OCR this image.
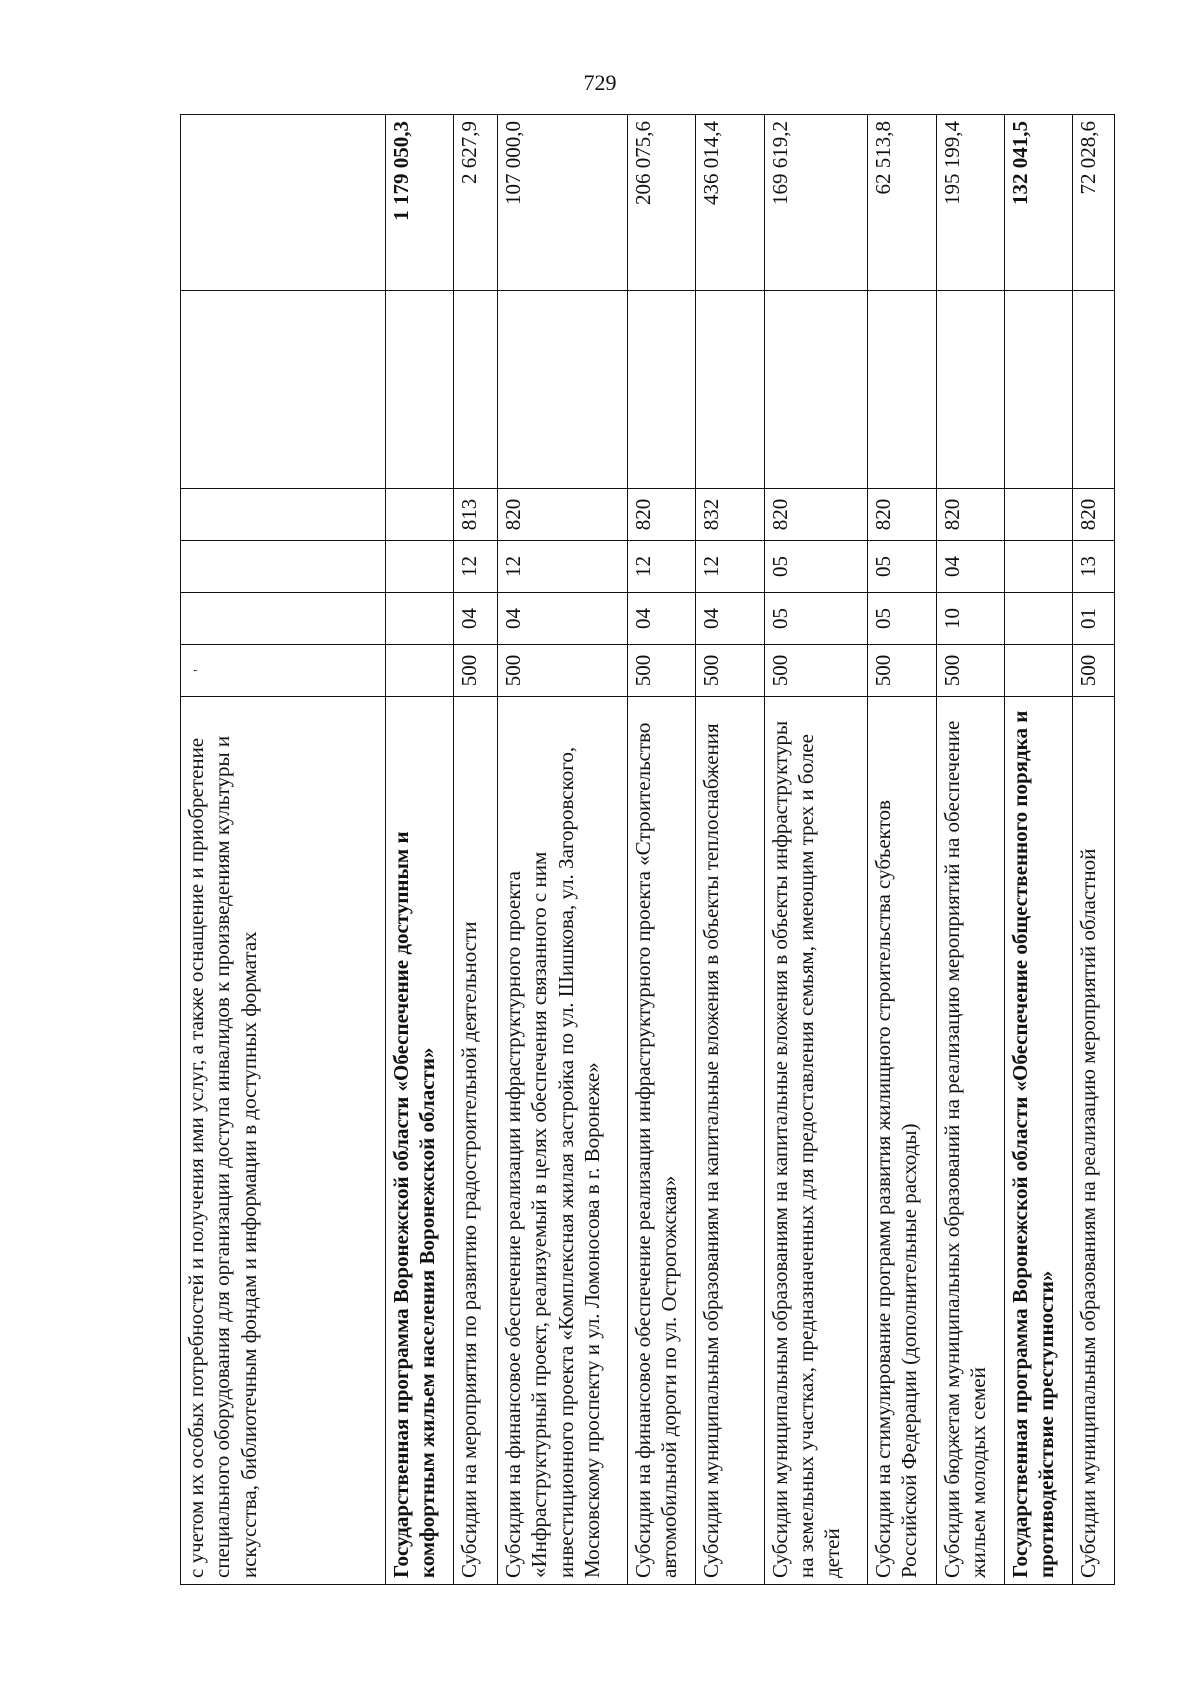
729
с учетом их особых потребностей и получения ими услуг, а также оснащение и приобретение специального оборудования для организации доступа инвалидов к произведениям культуры и искусства, библиотечным фондам и информации в доступных форматах	'					
Государственная программа Воронежской области «Обеспечение доступным и комфортным жильем населения Воронежской области»						1 179 050,3
Субсидии на мероприятия по развитию градостроительной деятельности	500	04	12	813		2 627,9
Субсидии на финансовое обеспечение реализации инфраструктурного проекта «Инфраструктурный проект, реализуемый в целях обеспечения связанного с ним инвестиционного проекта «Комплексная жилая застройка по ул. Шишкова, ул. Загоровского, Московскому проспекту и ул. Ломоносова в г. Воронеже»	500	04	12	820		107 000,0
Субсидии на финансовое обеспечение реализации инфраструктурного проекта «Строительство автомобильной дороги по ул. Острогожская»	500	04	12	820		206 075,6
Субсидии муниципальным образованиям на капитальные вложения в объекты теплоснабжения	500	04	12	832		436 014,4
Субсидии муниципальным образованиям на капитальные вложения в объекты инфраструктуры на земельных участках, предназначенных для предоставления семьям, имеющим трех и более детей	500	05	05	820		169 619,2
Субсидии на стимулирование программ развития жилищного строительства субъектов Российской Федерации (дополнительные расходы)	500	05	05	820		62 513,8
Субсидии бюджетам муниципальных образований на реализацию мероприятий на обеспечение жильем молодых семей	500	10	04	820		195 199,4
Государственная программа Воронежской области «Обеспечение общественного порядка и противодействие преступности»						132 041,5
Субсидии муниципальным образованиям на реализацию мероприятий областной	500	01	13	820		72 028,6
